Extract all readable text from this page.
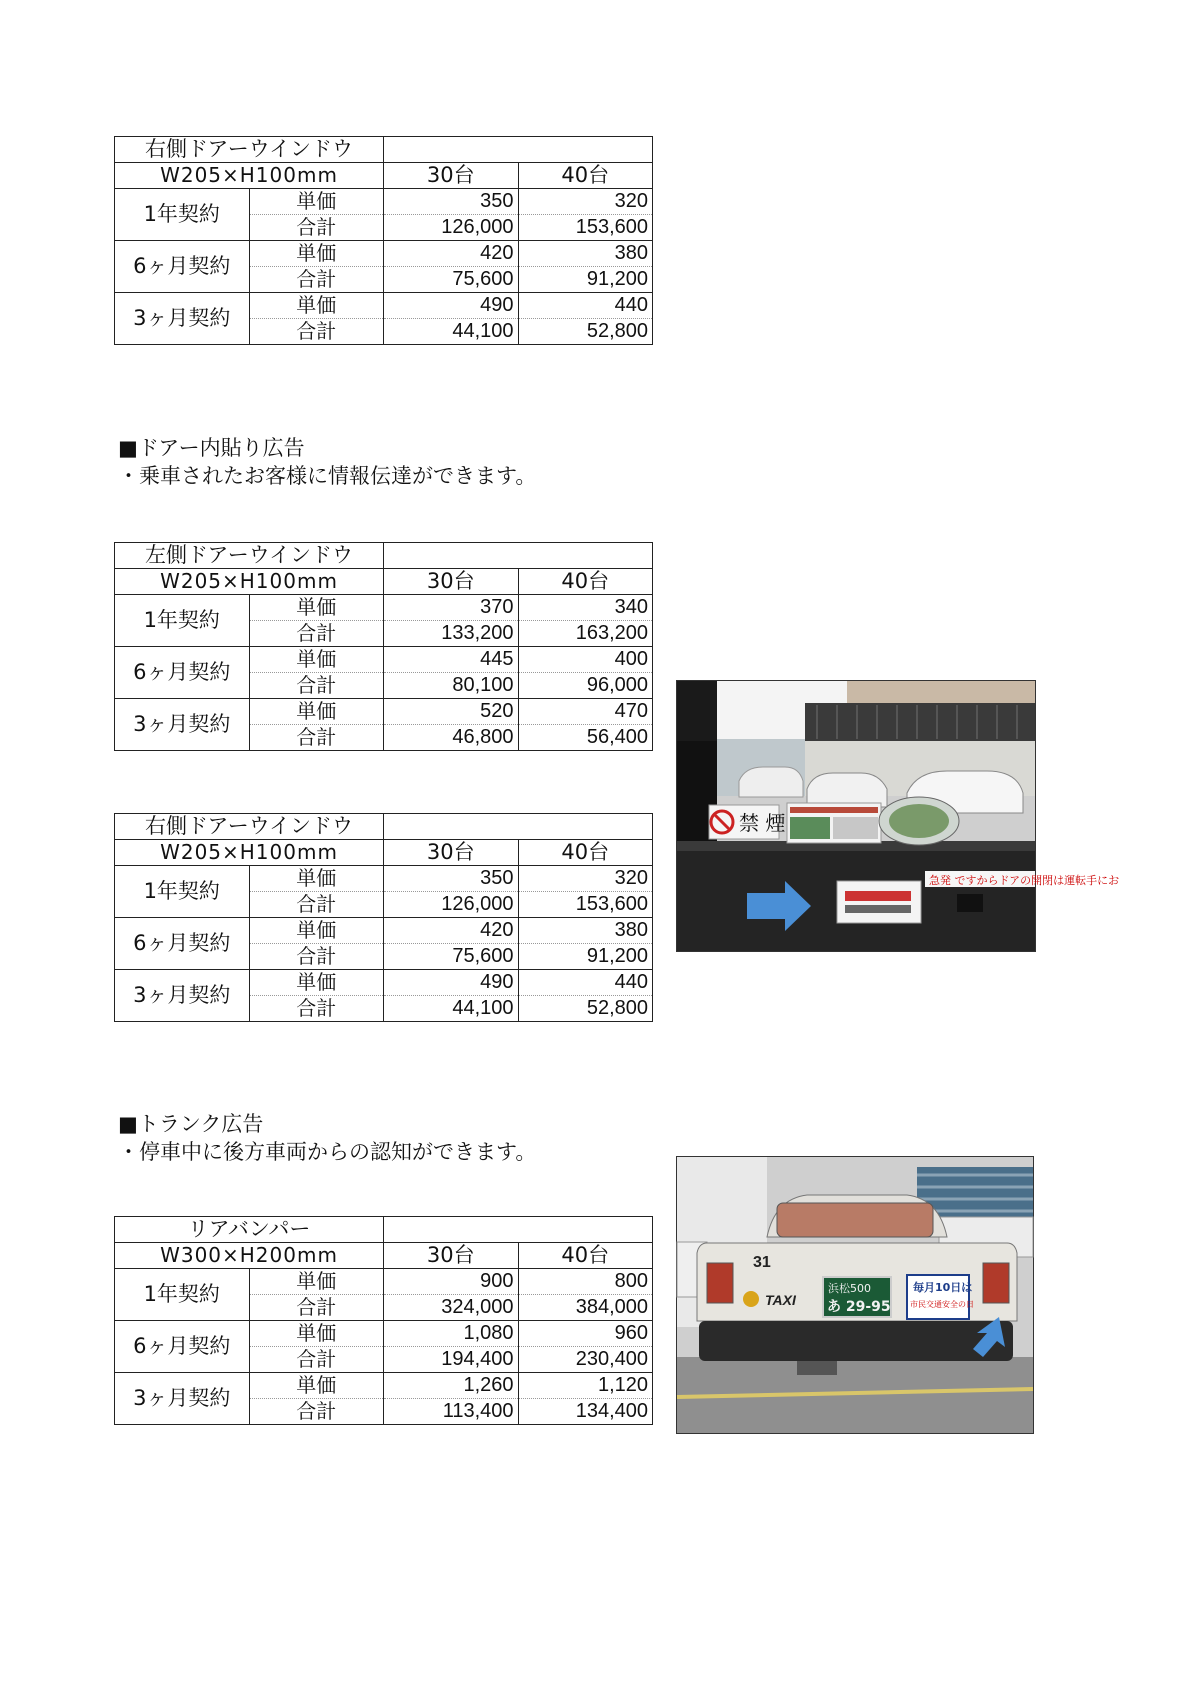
右側ドアーウインドウ			
W205×H100mm		30台	40台
1年契約	単価	350	320
	合計	126,000	153,600
6ヶ月契約	単価	420	380
	合計	75,600	91,200
3ヶ月契約	単価	490	440
	合計	44,100	52,800
■ドアー内貼り広告
・乗車されたお客様に情報伝達ができます。
左側ドアーウインドウ			
W205×H100mm		30台	40台
1年契約	単価	370	340
	合計	133,200	163,200
6ヶ月契約	単価	445	400
	合計	80,100	96,000
3ヶ月契約	単価	520	470
	合計	46,800	56,400
禁 煙
急発 ですからドアの開閉は運転手にお
右側ドアーウインドウ			
W205×H100mm		30台	40台
1年契約	単価	350	320
	合計	126,000	153,600
6ヶ月契約	単価	420	380
	合計	75,600	91,200
3ヶ月契約	単価	490	440
	合計	44,100	52,800
■トランク広告
・停車中に後方車両からの認知ができます。
31
TAXI
浜松500
あ 29-95
毎月10日は
市民交通安全の日
リアバンパー			
W300×H200mm		30台	40台
1年契約	単価	900	800
	合計	324,000	384,000
6ヶ月契約	単価	1,080	960
	合計	194,400	230,400
3ヶ月契約	単価	1,260	1,120
	合計	113,400	134,400
